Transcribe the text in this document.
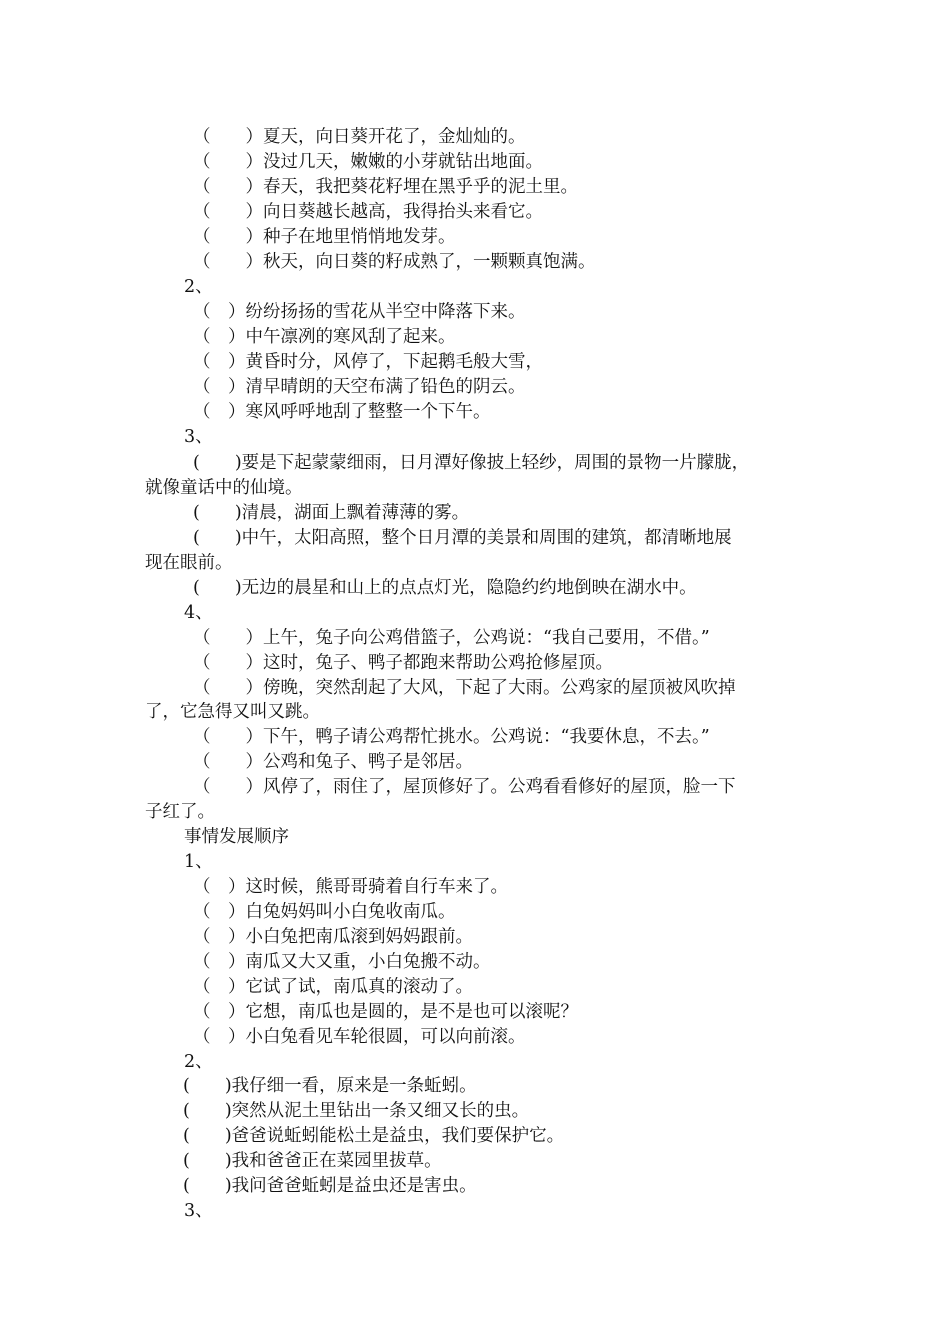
（　　）夏天，向日葵开花了，金灿灿的。
（　　）没过几天，嫩嫩的小芽就钻出地面。
（　　）春天，我把葵花籽埋在黑乎乎的泥土里。
（　　）向日葵越长越高，我得抬头来看它。
（　　）种子在地里悄悄地发芽。
（　　）秋天，向日葵的籽成熟了，一颗颗真饱满。
2、
（　）纷纷扬扬的雪花从半空中降落下来。
（　）中午凛冽的寒风刮了起来。
（　）黄昏时分，风停了，下起鹅毛般大雪，
（　）清早晴朗的天空布满了铅色的阴云。
（　）寒风呼呼地刮了整整一个下午。
3、
(　　)要是下起蒙蒙细雨，日月潭好像披上轻纱，周围的景物一片朦胧，
就像童话中的仙境。
(　　)清晨，湖面上飘着薄薄的雾。
(　　)中午，太阳高照，整个日月潭的美景和周围的建筑，都清晰地展
现在眼前。
(　　)无边的晨星和山上的点点灯光，隐隐约约地倒映在湖水中。
4、
（　　）上午，兔子向公鸡借篮子，公鸡说：“我自己要用，不借。”
（　　）这时，兔子、鸭子都跑来帮助公鸡抢修屋顶。
（　　）傍晚，突然刮起了大风，下起了大雨。公鸡家的屋顶被风吹掉
了，它急得又叫又跳。
（　　）下午，鸭子请公鸡帮忙挑水。公鸡说：“我要休息，不去。”
（　　）公鸡和兔子、鸭子是邻居。
（　　）风停了，雨住了，屋顶修好了。公鸡看看修好的屋顶，脸一下
子红了。
事情发展顺序
1、
（　）这时候，熊哥哥骑着自行车来了。
（　）白兔妈妈叫小白兔收南瓜。
（　）小白兔把南瓜滚到妈妈跟前。
（　）南瓜又大又重，小白兔搬不动。
（　）它试了试，南瓜真的滚动了。
（　）它想，南瓜也是圆的，是不是也可以滚呢？
（　）小白兔看见车轮很圆，可以向前滚。
2、
(　　)我仔细一看，原来是一条蚯蚓。
(　　)突然从泥土里钻出一条又细又长的虫。
(　　)爸爸说蚯蚓能松土是益虫，我们要保护它。
(　　)我和爸爸正在菜园里拔草。
(　　)我问爸爸蚯蚓是益虫还是害虫。
3、
